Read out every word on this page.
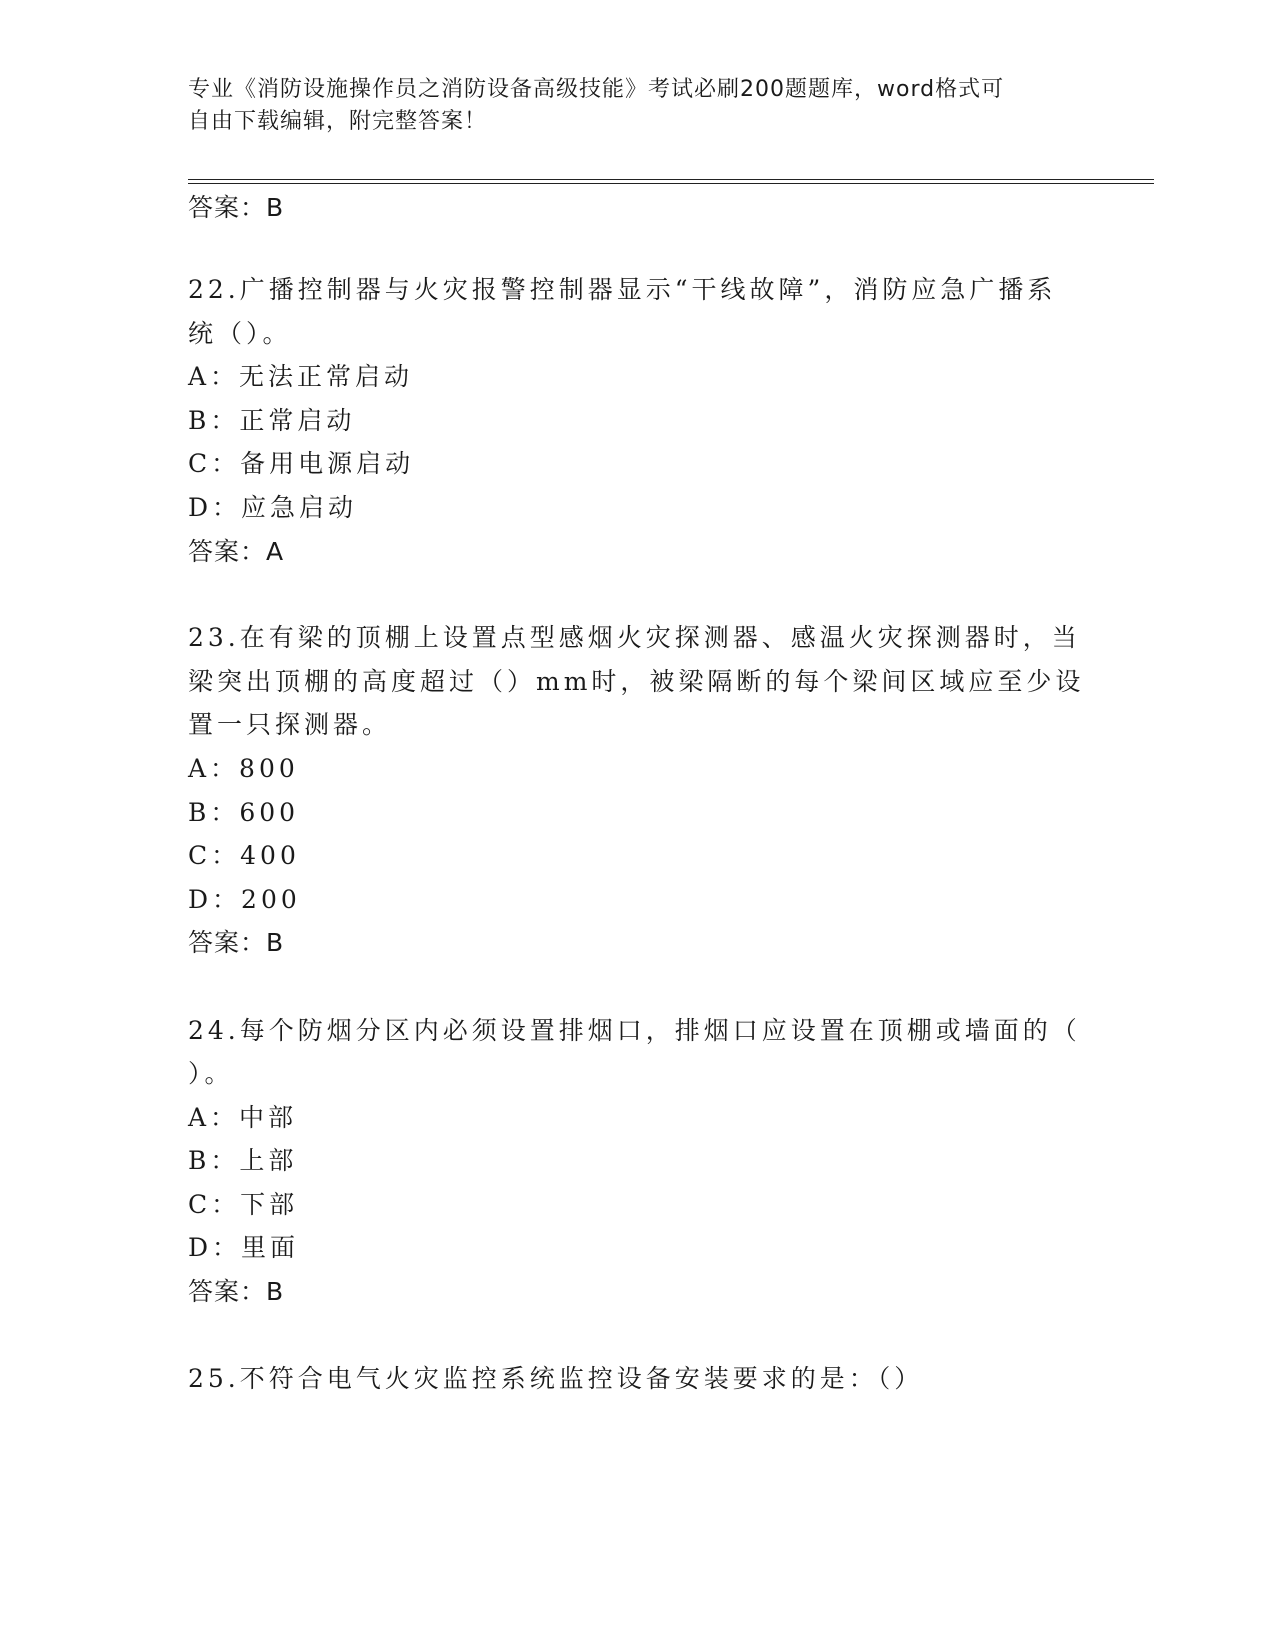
专业《消防设施操作员之消防设备高级技能》考试必刷200题题库，word格式可
自由下载编辑，附完整答案！
答案：B
22.广播控制器与火灾报警控制器显示“干线故障”，消防应急广播系
统（）。
A：无法正常启动
B：正常启动
C：备用电源启动
D：应急启动
答案：A
23.在有梁的顶棚上设置点型感烟火灾探测器、感温火灾探测器时，当
梁突出顶棚的高度超过（）mm时，被梁隔断的每个梁间区域应至少设
置一只探测器。
A：800
B：600
C：400
D：200
答案：B
24.每个防烟分区内必须设置排烟口，排烟口应设置在顶棚或墙面的（
）。
A：中部
B：上部
C：下部
D：里面
答案：B
25.不符合电气火灾监控系统监控设备安装要求的是：（）
